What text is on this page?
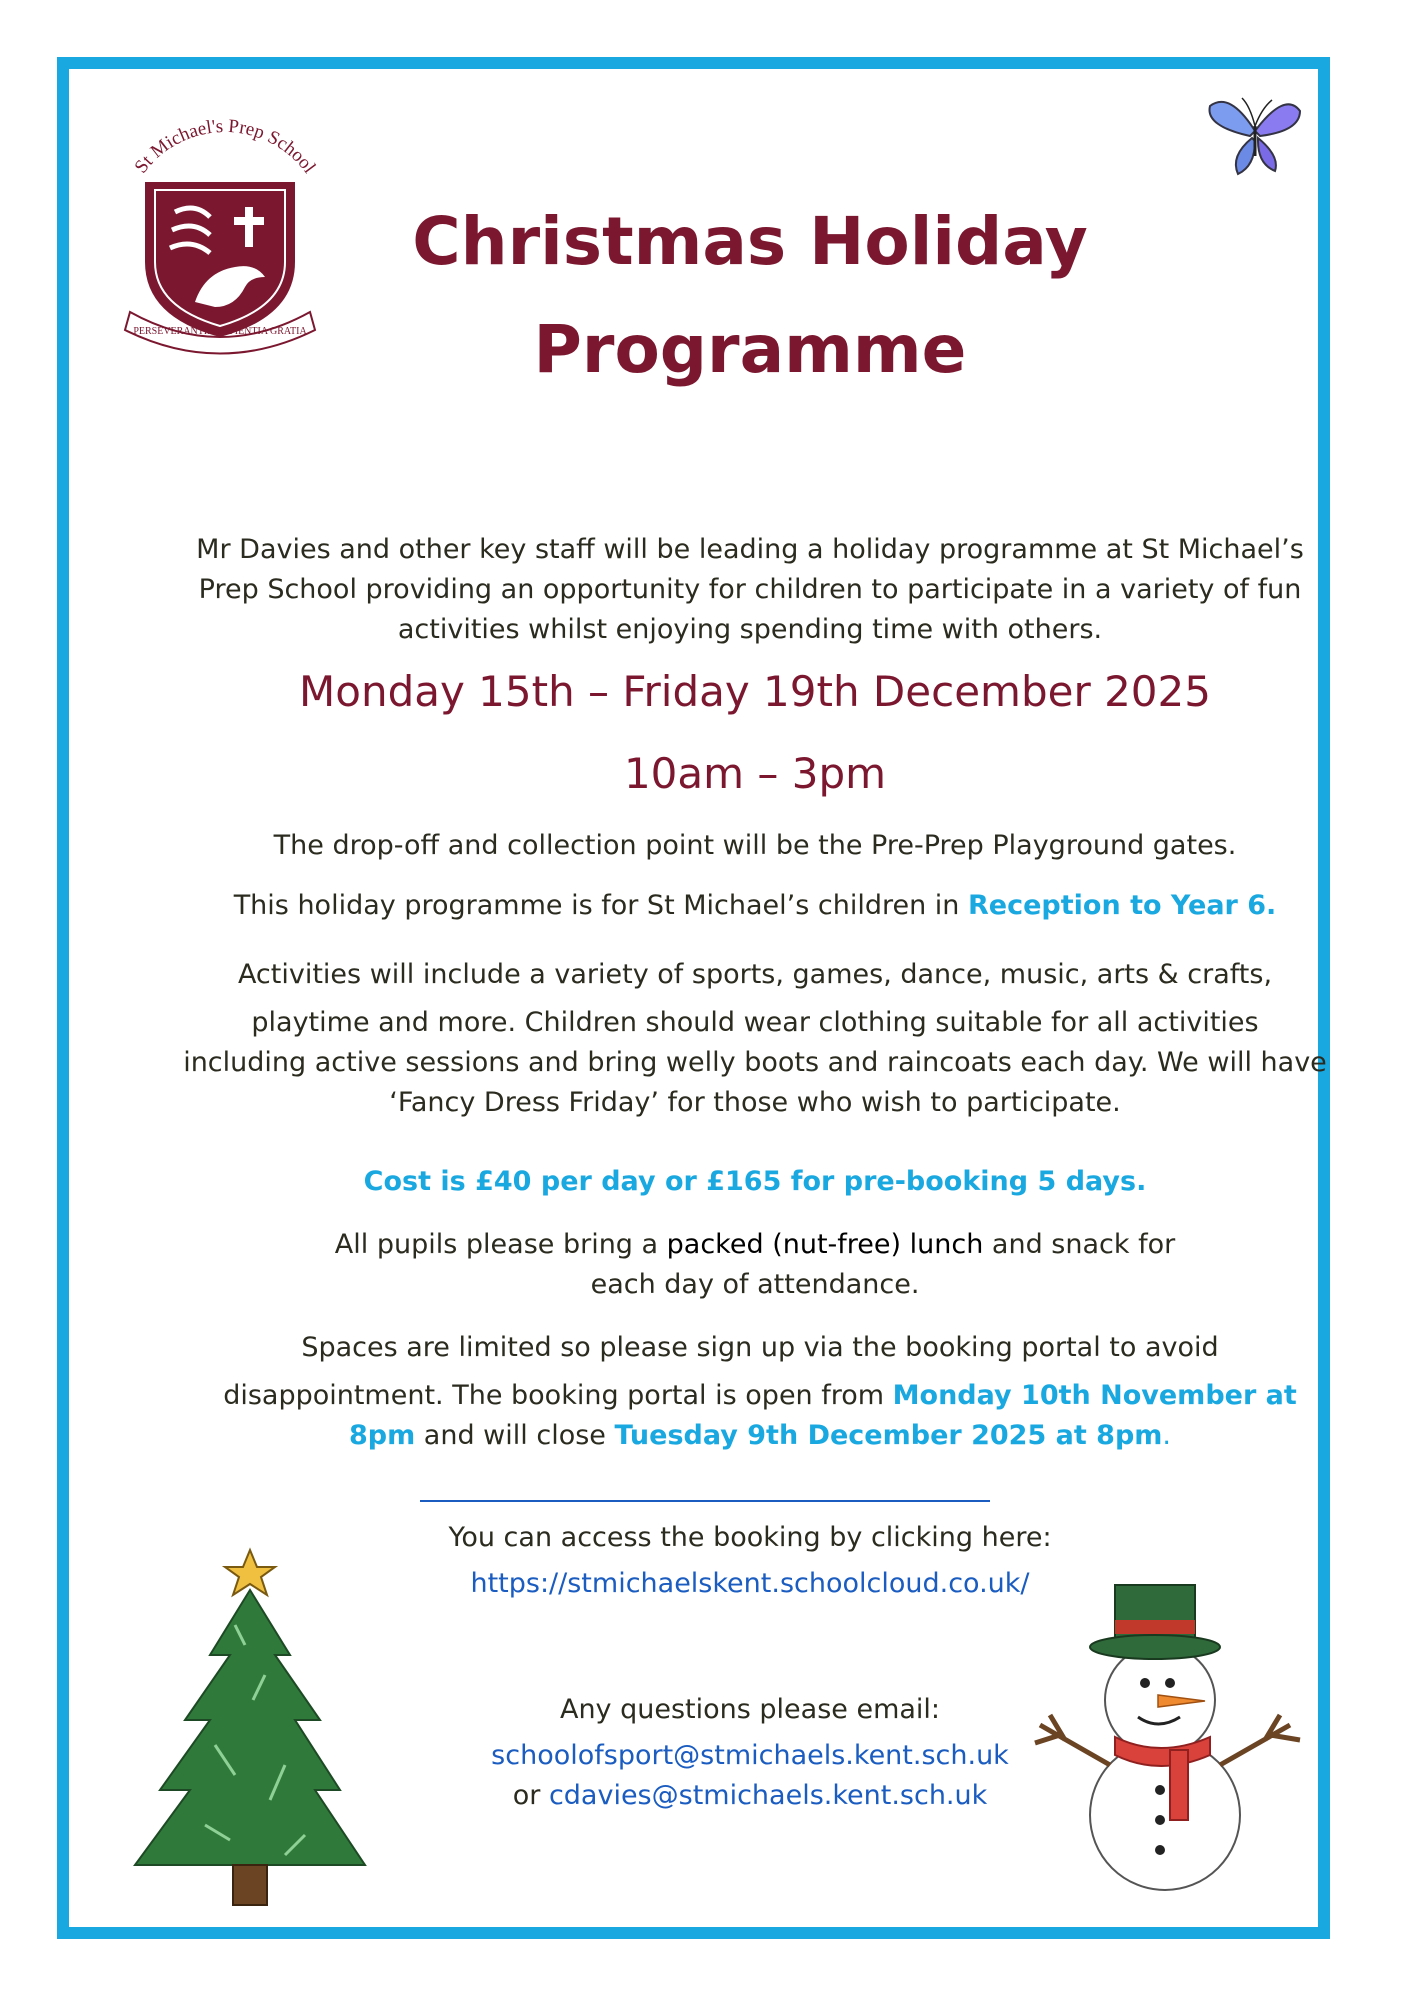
St Michael's Prep School
PERSEVERANTIA SAPIENTIA GRATIA
Christmas Holiday
Programme
Mr Davies and other key staff will be leading a holiday programme at St Michael’s
Prep School providing an opportunity for children to participate in a variety of fun
activities whilst enjoying spending time with others.
Monday 15th – Friday 19th December 2025
10am – 3pm
The drop-off and collection point will be the Pre-Prep Playground gates.
This holiday programme is for St Michael’s children in Reception to Year 6.
Activities will include a variety of sports, games, dance, music, arts & crafts,
playtime and more. Children should wear clothing suitable for all activities
including active sessions and bring welly boots and raincoats each day. We will have
‘Fancy Dress Friday’ for those who wish to participate.
Cost is £40 per day or £165 for pre-booking 5 days.
All pupils please bring a packed (nut-free) lunch and snack for
each day of attendance.
Spaces are limited so please sign up via the booking portal to avoid
disappointment. The booking portal is open from Monday 10th November at
8pm and will close Tuesday 9th December 2025 at 8pm.
You can access the booking by clicking here:
https://stmichaelskent.schoolcloud.co.uk/
Any questions please email:
schoolofsport@stmichaels.kent.sch.uk
or cdavies@stmichaels.kent.sch.uk
